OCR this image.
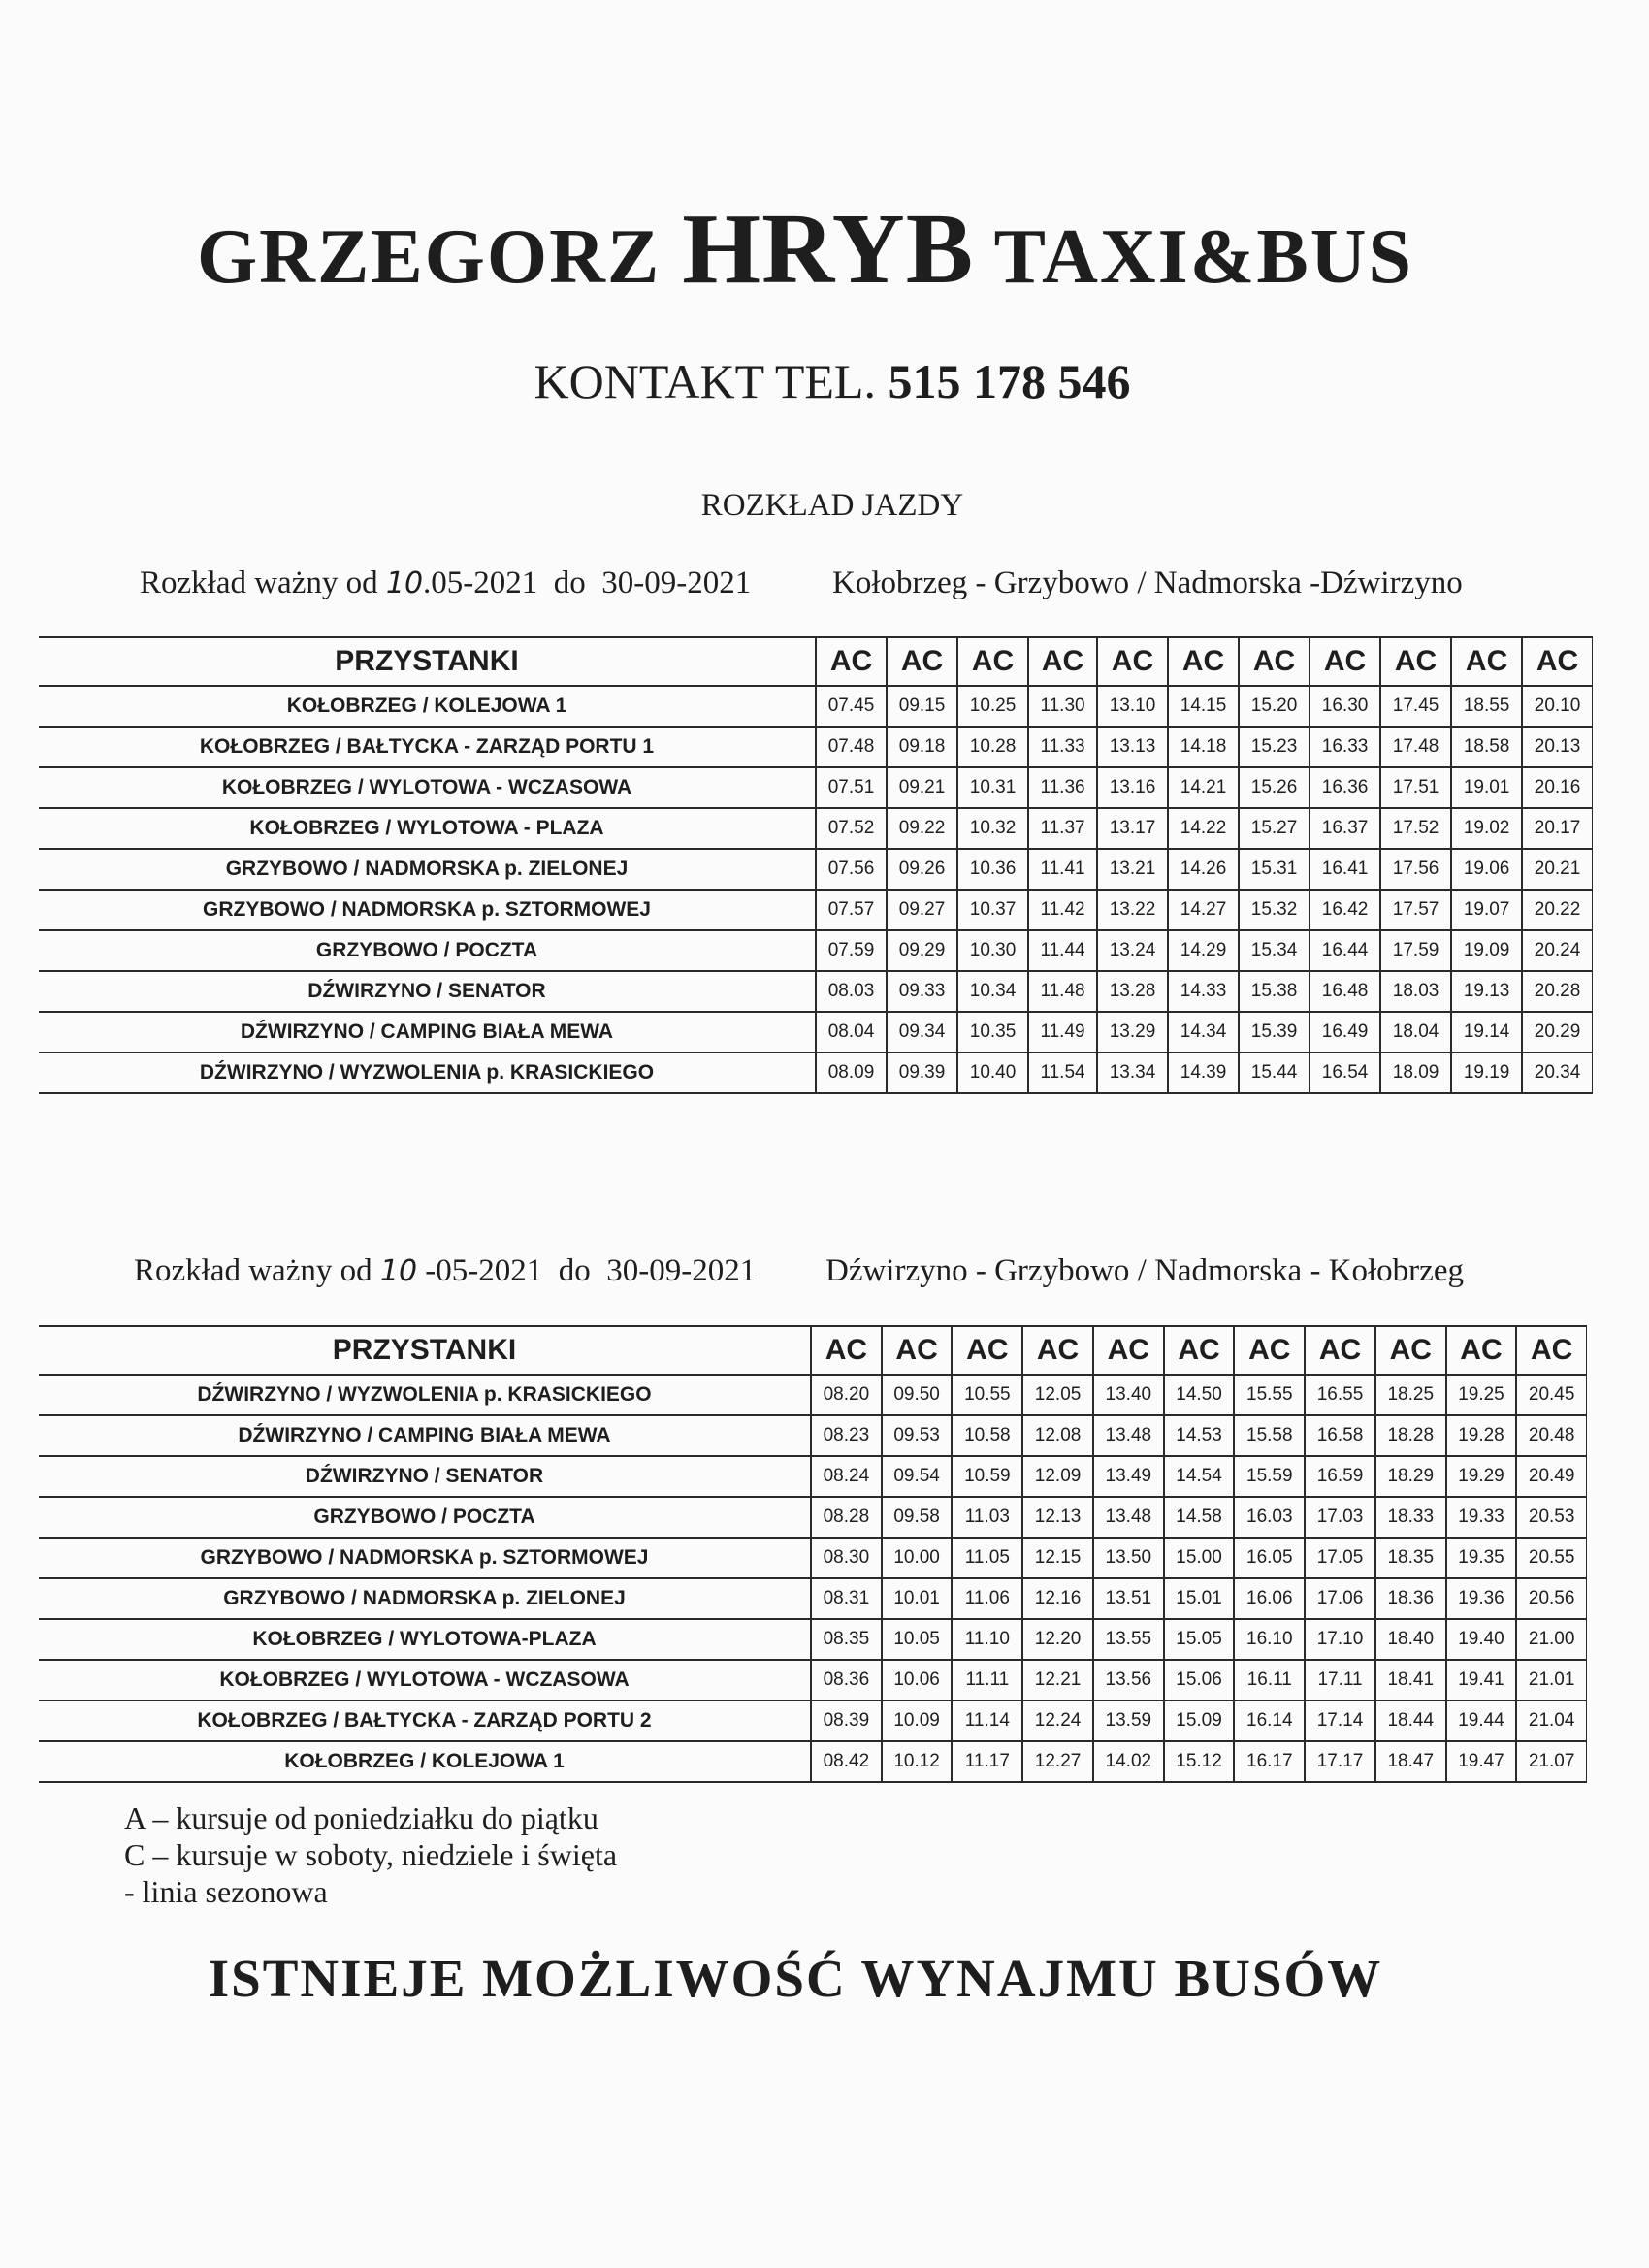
GRZEGORZ HRYB TAXI&BUS
KONTAKT TEL. 515 178 546
ROZKŁAD JAZDY
Rozkład ważny od 10.05-2021 do 30-09-2021	Kołobrzeg - Grzybowo / Nadmorska -Dźwirzyno
PRZYSTANKI	AC	AC	AC	AC	AC	AC	AC	AC	AC	AC	AC
KOŁOBRZEG / KOLEJOWA 1	07.45	09.15	10.25	11.30	13.10	14.15	15.20	16.30	17.45	18.55	20.10
KOŁOBRZEG / BAŁTYCKA - ZARZĄD PORTU 1	07.48	09.18	10.28	11.33	13.13	14.18	15.23	16.33	17.48	18.58	20.13
KOŁOBRZEG / WYLOTOWA - WCZASOWA	07.51	09.21	10.31	11.36	13.16	14.21	15.26	16.36	17.51	19.01	20.16
KOŁOBRZEG / WYLOTOWA - PLAZA	07.52	09.22	10.32	11.37	13.17	14.22	15.27	16.37	17.52	19.02	20.17
GRZYBOWO / NADMORSKA p. ZIELONEJ	07.56	09.26	10.36	11.41	13.21	14.26	15.31	16.41	17.56	19.06	20.21
GRZYBOWO / NADMORSKA p. SZTORMOWEJ	07.57	09.27	10.37	11.42	13.22	14.27	15.32	16.42	17.57	19.07	20.22
GRZYBOWO / POCZTA	07.59	09.29	10.30	11.44	13.24	14.29	15.34	16.44	17.59	19.09	20.24
DŹWIRZYNO / SENATOR	08.03	09.33	10.34	11.48	13.28	14.33	15.38	16.48	18.03	19.13	20.28
DŹWIRZYNO / CAMPING BIAŁA MEWA	08.04	09.34	10.35	11.49	13.29	14.34	15.39	16.49	18.04	19.14	20.29
DŹWIRZYNO / WYZWOLENIA p. KRASICKIEGO	08.09	09.39	10.40	11.54	13.34	14.39	15.44	16.54	18.09	19.19	20.34
Rozkład ważny od 10 -05-2021 do 30-09-2021 Dźwirzyno - Grzybowo / Nadmorska - Kołobrzeg
PRZYSTANKI	AC	AC	AC	AC	AC	AC	AC	AC	AC	AC	AC
DŹWIRZYNO / WYZWOLENIA p. KRASICKIEGO	08.20	09.50	10.55	12.05	13.40	14.50	15.55	16.55	18.25	19.25	20.45
DŹWIRZYNO / CAMPING BIAŁA MEWA	08.23	09.53	10.58	12.08	13.48	14.53	15.58	16.58	18.28	19.28	20.48
DŹWIRZYNO / SENATOR	08.24	09.54	10.59	12.09	13.49	14.54	15.59	16.59	18.29	19.29	20.49
GRZYBOWO / POCZTA	08.28	09.58	11.03	12.13	13.48	14.58	16.03	17.03	18.33	19.33	20.53
GRZYBOWO / NADMORSKA p. SZTORMOWEJ	08.30	10.00	11.05	12.15	13.50	15.00	16.05	17.05	18.35	19.35	20.55
GRZYBOWO / NADMORSKA p. ZIELONEJ	08.31	10.01	11.06	12.16	13.51	15.01	16.06	17.06	18.36	19.36	20.56
KOŁOBRZEG / WYLOTOWA-PLAZA	08.35	10.05	11.10	12.20	13.55	15.05	16.10	17.10	18.40	19.40	21.00
KOŁOBRZEG / WYLOTOWA - WCZASOWA	08.36	10.06	11.11	12.21	13.56	15.06	16.11	17.11	18.41	19.41	21.01
KOŁOBRZEG / BAŁTYCKA - ZARZĄD PORTU 2	08.39	10.09	11.14	12.24	13.59	15.09	16.14	17.14	18.44	19.44	21.04
KOŁOBRZEG / KOLEJOWA 1	08.42	10.12	11.17	12.27	14.02	15.12	16.17	17.17	18.47	19.47	21.07
A – kursuje od poniedziałku do piątku
C – kursuje w soboty, niedziele i święta
- linia sezonowa
ISTNIEJE MOŻLIWOŚĆ WYNAJMU BUSÓW
